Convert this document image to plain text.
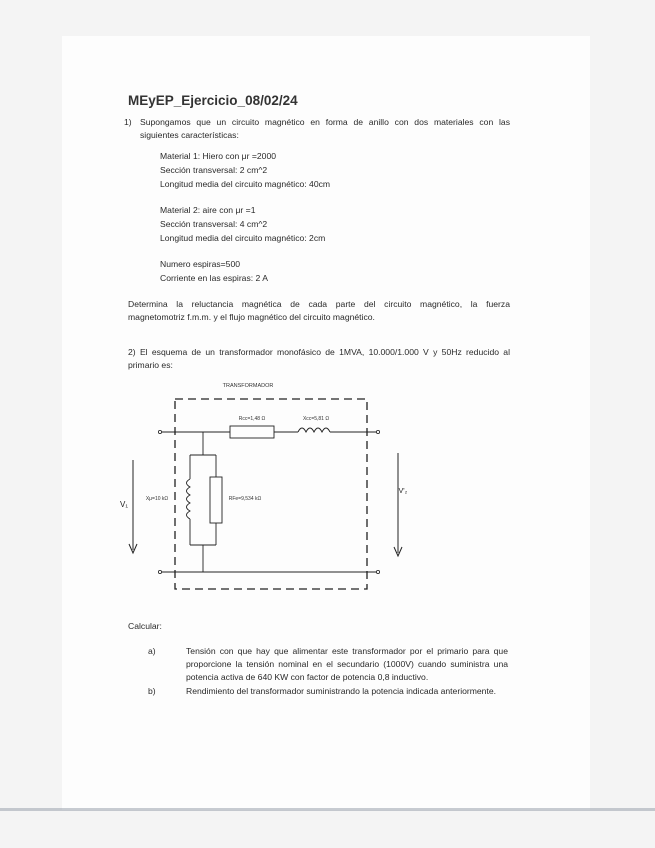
MEyEP_Ejercicio_08/02/24
1) Supongamos que un circuito magnético en forma de anillo con dos materiales con las
siguientes características:
Material 1: Hiero con μr =2000
Sección transversal: 2 cm^2
Longitud media del circuito magnético: 40cm
Material 2: aire con μr =1
Sección transversal: 4 cm^2
Longitud media del circuito magnético: 2cm
Numero espiras=500
Corriente en las espiras: 2 A
Determina la reluctancia magnética de cada parte del circuito magnético, la fuerza
magnetomotriz f.m.m. y el flujo magnético del circuito magnético.
2) El esquema de un transformador monofásico de 1MVA, 10.000/1.000 V y 50Hz reducido al
primario es:
TRANSFORMADOR
Rcc=1,48 Ω	Xcc=5,81 Ω
Xμ=10 kΩ	RFe=9,534 kΩ
V₁
V'₂
Calcular:
a)	Tensión con que hay que alimentar este transformador por el primario para que
proporcione la tensión nominal en el secundario (1000V) cuando suministra una
potencia activa de 640 KW con factor de potencia 0,8 inductivo.
b)	Rendimiento del transformador suministrando la potencia indicada anteriormente.
